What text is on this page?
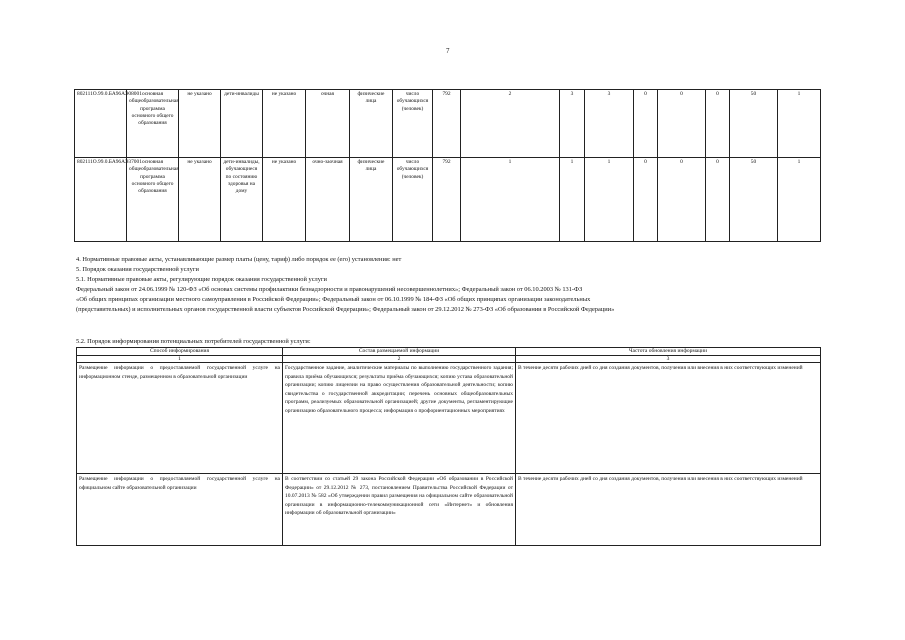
7
802111О.99.0.БА96АЭ08001	основная общеобразовательная программа основного общего образования	не указано	дети-инвалиды	не указано	очная	физические лица	число обучающихся (человек)	792	2	3	3	0	0	0	50	1
802111О.99.0.БА96АЭ37001	основная общеобразовательная программа основного общего образования	не указано	дети-инвалиды, обучающиеся по состоянию здоровья на дому	не указано	очно-заочная	физические лица	число обучающихся (человек)	792	1	1	1	0	0	0	50	1

4. Нормативные правовые акты, устанавливающие размер платы (цену, тариф) либо порядок ее (его) установления: нет

5. Порядок оказания государственной услуги

5.1. Нормативные правовые акты, регулирующие порядок оказания государственной услуги

Федеральный закон от 24.06.1999 № 120-ФЗ «Об основах системы профилактики безнадзорности и правонарушений несовершеннолетних»; Федеральный закон от 06.10.2003 № 131-ФЗ

«Об общих принципах организации местного самоуправления в Российской Федерации»; Федеральный закон от 06.10.1999 № 184-ФЗ «Об общих принципах организации законодательных

(представительных) и исполнительных органов государственной власти субъектов Российской Федерации»; Федеральный закон от 29.12.2012 № 273-ФЗ «Об образовании в Российской Федерации»

5.2. Порядок информирования потенциальных потребителей государственной услуги:
Способ информирования	Состав размещаемой информации	Частота обновления информации
1	2	3
Размещение информации о предоставляемой государственной услуге на информационном стенде, размещенном в образовательной организации	Государственное задание, аналитические материалы по выполнению государственного задания; правила приёма обучающихся; результаты приёма обучающихся; копию устава образовательной организации; копию лицензии на право осуществления образовательной деятельности; копию свидетельства о государственной аккредитации; перечень основных общеобразовательных программ, реализуемых образовательной организацией; другие документы, регламентирующие организацию образовательного процесса; информация о профориентационных мероприятиях	В течение десяти рабочих дней со дня создания документов, получения или внесения в них соответствующих изменений
Размещение информации о предоставляемой государственной услуге на официальном сайте образовательной организации	В соответствии со статьей 29 закона Российской Федерации «Об образовании в Российской Федерации» от 29.12.2012 № 273, постановлением Правительства Российской Федерации от 10.07.2013 № 582 «Об утверждении правил размещения на официальном сайте образовательной организации в информационно-телекоммуникационной сети «Интернет» и обновления информации об образовательной организации»	В течение десяти рабочих дней со дня создания документов, получения или внесения в них соответствующих изменений
